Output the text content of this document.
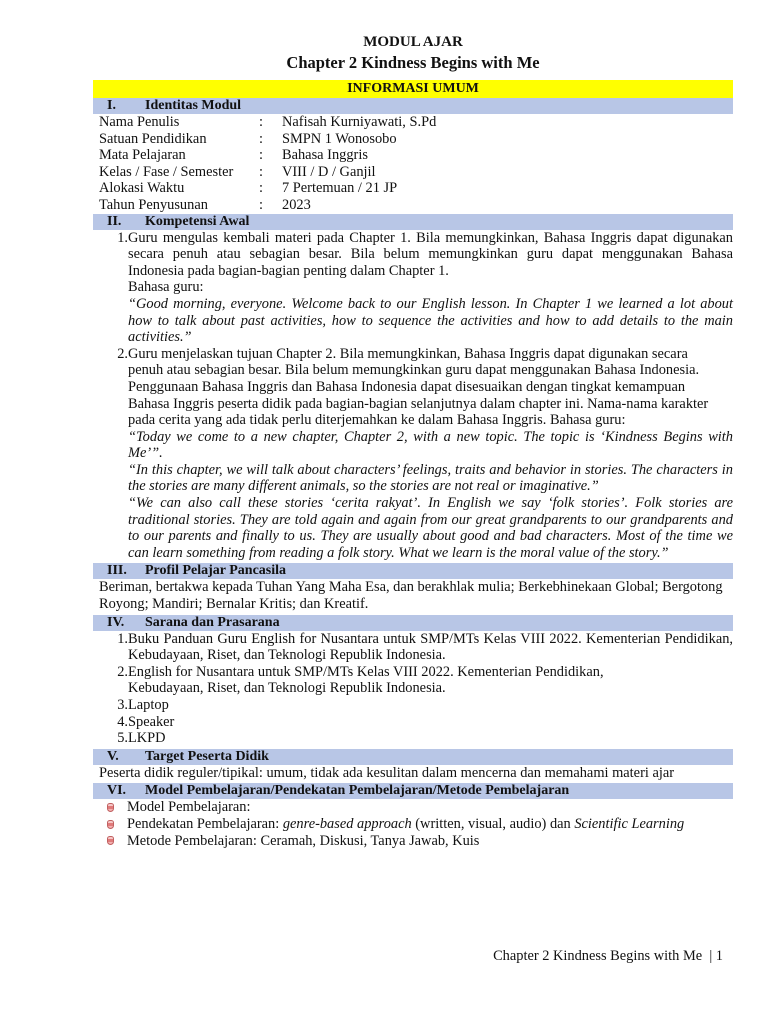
MODUL AJAR
Chapter 2 Kindness Begins with Me
INFORMASI UMUM
I.	Identitas Modul
Nama Penulis	:	Nafisah Kurniyawati, S.Pd
Satuan Pendidikan	:	SMPN 1 Wonosobo
Mata Pelajaran	:	Bahasa Inggris
Kelas / Fase / Semester	:	VIII / D / Ganjil
Alokasi Waktu	:	7 Pertemuan / 21 JP
Tahun Penyusunan	:	2023
II.	Kompetensi Awal
1. Guru mengulas kembali materi pada Chapter 1. Bila memungkinkan, Bahasa Inggris dapat digunakan secara penuh atau sebagian besar. Bila belum memungkinkan guru dapat menggunakan Bahasa Indonesia pada bagian-bagian penting dalam Chapter 1.
Bahasa guru:
“Good morning, everyone. Welcome back to our English lesson. In Chapter 1 we learned a lot about how to talk about past activities, how to sequence the activities and how to add details to the main activities.”
2. Guru menjelaskan tujuan Chapter 2. Bila memungkinkan, Bahasa Inggris dapat digunakan secara penuh atau sebagian besar. Bila belum memungkinkan guru dapat menggunakan Bahasa Indonesia. Penggunaan Bahasa Inggris dan Bahasa Indonesia dapat disesuaikan dengan tingkat kemampuan Bahasa Inggris peserta didik pada bagian-bagian selanjutnya dalam chapter ini. Nama-nama karakter pada cerita yang ada tidak perlu diterjemahkan ke dalam Bahasa Inggris. Bahasa guru:
“Today we come to a new chapter, Chapter 2, with a new topic. The topic is ‘Kindness Begins with Me’”.
“In this chapter, we will talk about characters’ feelings, traits and behavior in stories. The characters in the stories are many different animals, so the stories are not real or imaginative.”
“We can also call these stories ‘cerita rakyat’. In English we say ‘folk stories’. Folk stories are traditional stories. They are told again and again from our great grandparents to our grandparents and to our parents and finally to us. They are usually about good and bad characters. Most of the time we can learn something from reading a folk story. What we learn is the moral value of the story.”
III.	Profil Pelajar Pancasila
Beriman, bertakwa kepada Tuhan Yang Maha Esa, dan berakhlak mulia; Berkebhinekaan Global; Bergotong Royong; Mandiri; Bernalar Kritis; dan Kreatif.
IV.	Sarana dan Prasarana
1. Buku Panduan Guru English for Nusantara untuk SMP/MTs Kelas VIII 2022. Kementerian Pendidikan, Kebudayaan, Riset, dan Teknologi Republik Indonesia.
2. English for Nusantara untuk SMP/MTs Kelas VIII 2022. Kementerian Pendidikan, Kebudayaan, Riset, dan Teknologi Republik Indonesia.
3. Laptop
4. Speaker
5. LKPD
V.	Target Peserta Didik
Peserta didik reguler/tipikal: umum, tidak ada kesulitan dalam mencerna dan memahami materi ajar
VI.	Model Pembelajaran/Pendekatan Pembelajaran/Metode Pembelajaran
Model Pembelajaran:
Pendekatan Pembelajaran: genre-based approach (written, visual, audio) dan Scientific Learning
Metode Pembelajaran: Ceramah, Diskusi, Tanya Jawab, Kuis
Chapter 2 Kindness Begins with Me  | 1
